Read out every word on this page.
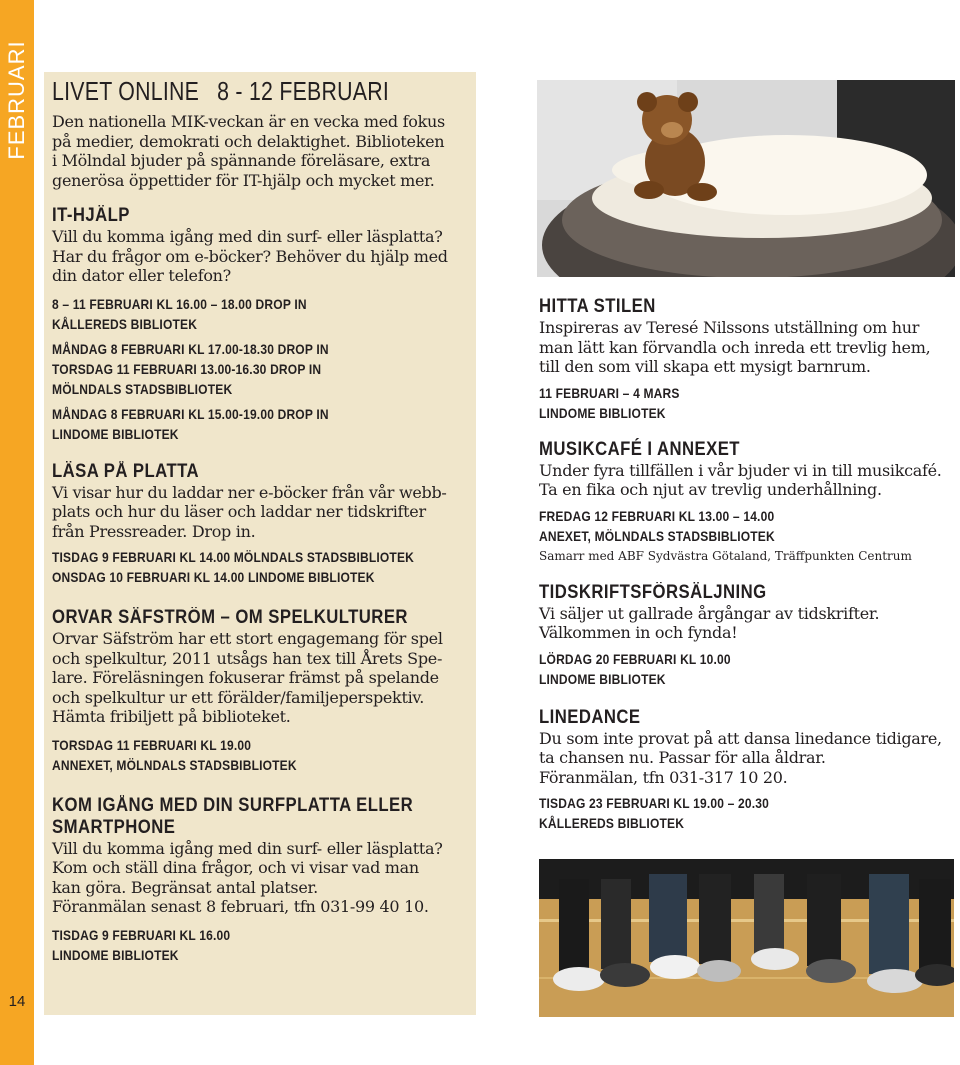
FEBRUARI
14
LIVET ONLINE 8 - 12 FEBRUARI
Den nationella MIK-veckan är en vecka med fokus
på medier, demokrati och delaktighet. Biblioteken
i Mölndal bjuder på spännande föreläsare, extra
generösa öppettider för IT-hjälp och mycket mer.
IT-HJÄLP
Vill du komma igång med din surf- eller läsplatta?
Har du frågor om e-böcker? Behöver du hjälp med
din dator eller telefon?
8 – 11 FEBRUARI KL 16.00 – 18.00 DROP IN
KÅLLEREDS BIBLIOTEK
MÅNDAG 8 FEBRUARI KL 17.00-18.30 DROP IN
TORSDAG 11 FEBRUARI 13.00-16.30 DROP IN
MÖLNDALS STADSBIBLIOTEK
MÅNDAG 8 FEBRUARI KL 15.00-19.00 DROP IN
LINDOME BIBLIOTEK
LÄSA PÅ PLATTA
Vi visar hur du laddar ner e-böcker från vår webb-
plats och hur du läser och laddar ner tidskrifter
från Pressreader. Drop in.
TISDAG 9 FEBRUARI KL 14.00 MÖLNDALS STADSBIBLIOTEK
ONSDAG 10 FEBRUARI KL 14.00 LINDOME BIBLIOTEK
ORVAR SÄFSTRÖM – OM SPELKULTURER
Orvar Säfström har ett stort engagemang för spel
och spelkultur, 2011 utsågs han tex till Årets Spe-
lare. Föreläsningen fokuserar främst på spelande
och spelkultur ur ett förälder/familjeperspektiv.
Hämta fribiljett på biblioteket.
TORSDAG 11 FEBRUARI KL 19.00
ANNEXET, MÖLNDALS STADSBIBLIOTEK
KOM IGÅNG MED DIN SURFPLATTA ELLER
SMARTPHONE
Vill du komma igång med din surf- eller läsplatta?
Kom och ställ dina frågor, och vi visar vad man
kan göra. Begränsat antal platser.
Föranmälan senast 8 februari, tfn 031-99 40 10.
TISDAG 9 FEBRUARI KL 16.00
LINDOME BIBLIOTEK
HITTA STILEN
Inspireras av Teresé Nilssons utställning om hur
man lätt kan förvandla och inreda ett trevlig hem,
till den som vill skapa ett mysigt barnrum.
11 FEBRUARI – 4 MARS
LINDOME BIBLIOTEK
MUSIKCAFÉ I ANNEXET
Under fyra tillfällen i vår bjuder vi in till musikcafé.
Ta en fika och njut av trevlig underhållning.
FREDAG 12 FEBRUARI KL 13.00 – 14.00
ANEXET, MÖLNDALS STADSBIBLIOTEK
Samarr med ABF Sydvästra Götaland, Träffpunkten Centrum
TIDSKRIFTSFÖRSÄLJNING
Vi säljer ut gallrade årgångar av tidskrifter.
Välkommen in och fynda!
LÖRDAG 20 FEBRUARI KL 10.00
LINDOME BIBLIOTEK
LINEDANCE
Du som inte provat på att dansa linedance tidigare,
ta chansen nu. Passar för alla åldrar.
Föranmälan, tfn 031-317 10 20.
TISDAG 23 FEBRUARI KL 19.00 – 20.30
KÅLLEREDS BIBLIOTEK
